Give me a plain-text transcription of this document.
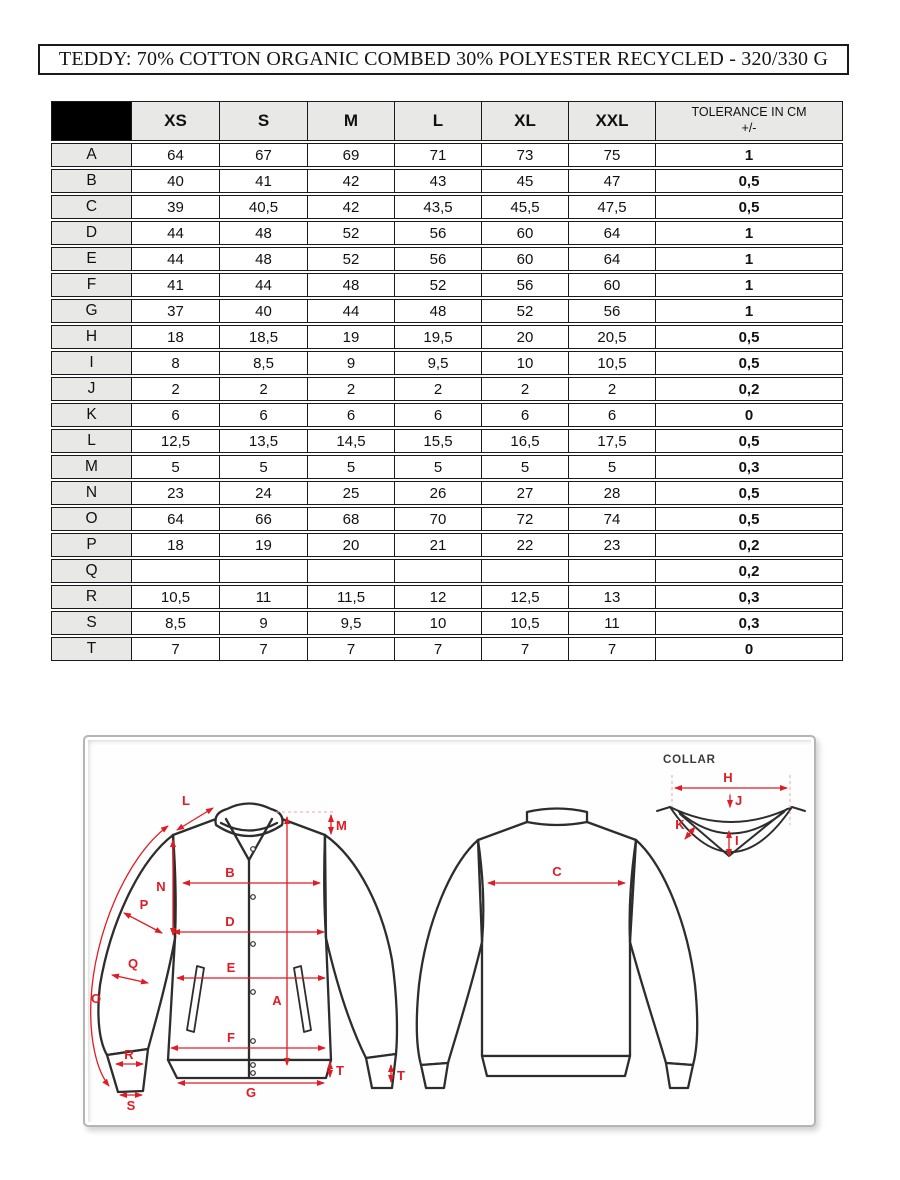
TEDDY: 70% COTTON ORGANIC COMBED 30% POLYESTER RECYCLED - 320/330 G
	XS	S	M	L	XL	XXL	TOLERANCE IN CM
+/-

A	64	67	69	71	73	75	1
B	40	41	42	43	45	47	0,5
C	39	40,5	42	43,5	45,5	47,5	0,5
D	44	48	52	56	60	64	1
E	44	48	52	56	60	64	1
F	41	44	48	52	56	60	1
G	37	40	44	48	52	56	1
H	18	18,5	19	19,5	20	20,5	0,5
I	8	8,5	9	9,5	10	10,5	0,5
J	2	2	2	2	2	2	0,2
K	6	6	6	6	6	6	0
L	12,5	13,5	14,5	15,5	16,5	17,5	0,5
M	5	5	5	5	5	5	0,3
N	23	24	25	26	27	28	0,5
O	64	66	68	70	72	74	0,5
P	18	19	20	21	22	23	0,2
Q							0,2
R	10,5	11	11,5	12	12,5	13	0,3
S	8,5	9	9,5	10	10,5	11	0,3
T	7	7	7	7	7	7	0
COLLAR
L
M
N
B
P
D
O
Q	E
A
F
R
S
G
T	T
C
H
J
K
I
